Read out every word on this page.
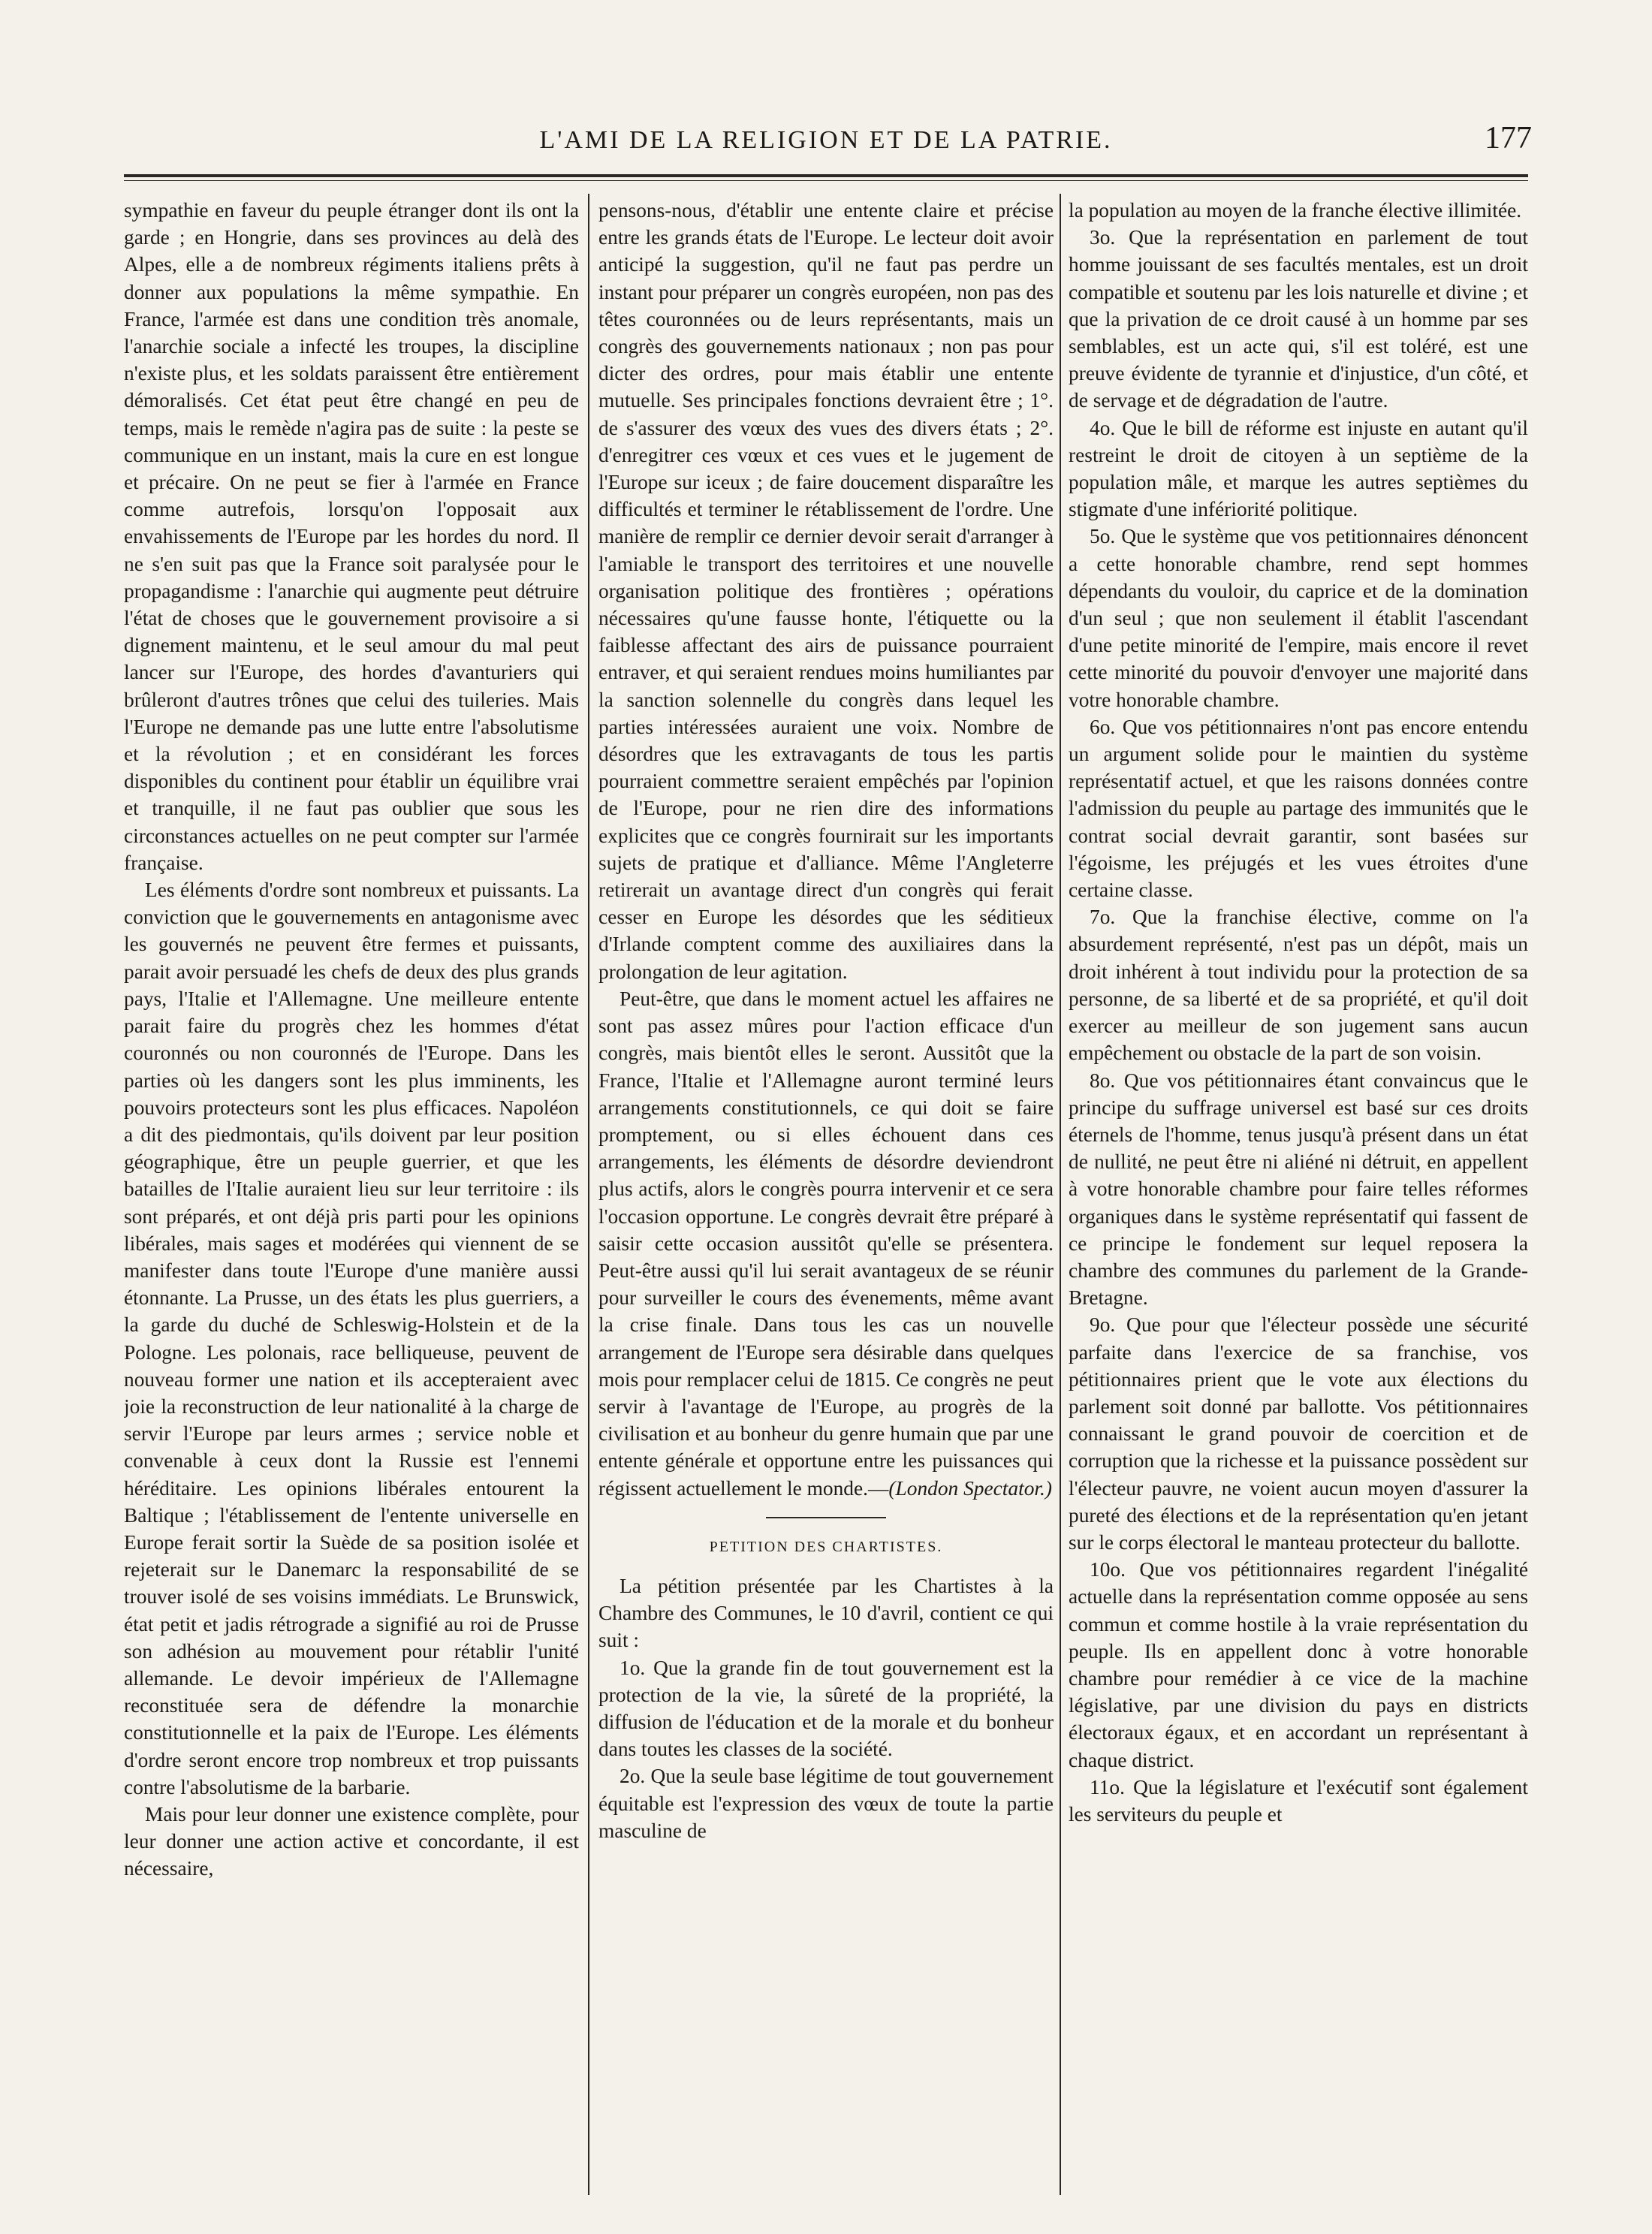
L'AMI DE LA RELIGION ET DE LA PATRIE.	177

sympathie en faveur du peuple étranger dont ils ont la garde ; en Hongrie, dans ses provinces au delà des Alpes, elle a de nombreux régiments italiens prêts à donner aux populations la même sympathie. En France, l'armée est dans une condition très anomale, l'anarchie sociale a infecté les troupes, la discipline n'existe plus, et les soldats paraissent être entièrement démoralisés. Cet état peut être changé en peu de temps, mais le remède n'agira pas de suite : la peste se communique en un instant, mais la cure en est longue et précaire. On ne peut se fier à l'armée en France comme autrefois, lorsqu'on l'opposait aux envahissements de l'Europe par les hordes du nord. Il ne s'en suit pas que la France soit paralysée pour le propagandisme : l'anarchie qui augmente peut détruire l'état de choses que le gouvernement provisoire a si dignement maintenu, et le seul amour du mal peut lancer sur l'Europe, des hordes d'avanturiers qui brûleront d'autres trônes que celui des tuileries. Mais l'Europe ne demande pas une lutte entre l'absolutisme et la révolution ; et en considérant les forces disponibles du continent pour établir un équilibre vrai et tranquille, il ne faut pas oublier que sous les circonstances actuelles on ne peut compter sur l'armée française.

Les éléments d'ordre sont nombreux et puissants. La conviction que le gouvernements en antagonisme avec les gouvernés ne peuvent être fermes et puissants, parait avoir persuadé les chefs de deux des plus grands pays, l'Italie et l'Allemagne. Une meilleure entente parait faire du progrès chez les hommes d'état couronnés ou non couronnés de l'Europe. Dans les parties où les dangers sont les plus imminents, les pouvoirs protecteurs sont les plus efficaces. Napoléon a dit des piedmontais, qu'ils doivent par leur position géographique, être un peuple guerrier, et que les batailles de l'Italie auraient lieu sur leur territoire : ils sont préparés, et ont déjà pris parti pour les opinions libérales, mais sages et modérées qui viennent de se manifester dans toute l'Europe d'une manière aussi étonnante. La Prusse, un des états les plus guerriers, a la garde du duché de Schleswig-Holstein et de la Pologne. Les polonais, race belliqueuse, peuvent de nouveau former une nation et ils accepteraient avec joie la reconstruction de leur nationalité à la charge de servir l'Europe par leurs armes ; service noble et convenable à ceux dont la Russie est l'ennemi héréditaire. Les opinions libérales entourent la Baltique ; l'établissement de l'entente universelle en Europe ferait sortir la Suède de sa position isolée et rejeterait sur le Danemarc la responsabilité de se trouver isolé de ses voisins immédiats. Le Brunswick, état petit et jadis rétrograde a signifié au roi de Prusse son adhésion au mouvement pour rétablir l'unité allemande. Le devoir impérieux de l'Allemagne reconstituée sera de défendre la monarchie constitutionnelle et la paix de l'Europe. Les éléments d'ordre seront encore trop nombreux et trop puissants contre l'absolutisme de la barbarie.

Mais pour leur donner une existence complète, pour leur donner une action active et concordante, il est nécessaire,

pensons-nous, d'établir une entente claire et précise entre les grands états de l'Europe. Le lecteur doit avoir anticipé la suggestion, qu'il ne faut pas perdre un instant pour préparer un congrès européen, non pas des têtes couronnées ou de leurs représentants, mais un congrès des gouvernements nationaux ; non pas pour dicter des ordres, pour mais établir une entente mutuelle. Ses principales fonctions devraient être ; 1°. de s'assurer des vœux des vues des divers états ; 2°. d'enregitrer ces vœux et ces vues et le jugement de l'Europe sur iceux ; de faire doucement disparaître les difficultés et terminer le rétablissement de l'ordre. Une manière de remplir ce dernier devoir serait d'arranger à l'amiable le transport des territoires et une nouvelle organisation politique des frontières ; opérations nécessaires qu'une fausse honte, l'étiquette ou la faiblesse affectant des airs de puissance pourraient entraver, et qui seraient rendues moins humiliantes par la sanction solennelle du congrès dans lequel les parties intéressées auraient une voix. Nombre de désordres que les extravagants de tous les partis pourraient commettre seraient empêchés par l'opinion de l'Europe, pour ne rien dire des informations explicites que ce congrès fournirait sur les importants sujets de pratique et d'alliance. Même l'Angleterre retirerait un avantage direct d'un congrès qui ferait cesser en Europe les désordes que les séditieux d'Irlande comptent comme des auxiliaires dans la prolongation de leur agitation.

Peut-être, que dans le moment actuel les affaires ne sont pas assez mûres pour l'action efficace d'un congrès, mais bientôt elles le seront. Aussitôt que la France, l'Italie et l'Allemagne auront terminé leurs arrangements constitutionnels, ce qui doit se faire promptement, ou si elles échouent dans ces arrangements, les éléments de désordre deviendront plus actifs, alors le congrès pourra intervenir et ce sera l'occasion opportune. Le congrès devrait être préparé à saisir cette occasion aussitôt qu'elle se présentera. Peut-être aussi qu'il lui serait avantageux de se réunir pour surveiller le cours des évenements, même avant la crise finale. Dans tous les cas un nouvelle arrangement de l'Europe sera désirable dans quelques mois pour remplacer celui de 1815. Ce congrès ne peut servir à l'avantage de l'Europe, au progrès de la civilisation et au bonheur du genre humain que par une entente générale et opportune entre les puissances qui régissent actuellement le monde.—(London Spectator.)

PETITION DES CHARTISTES.

La pétition présentée par les Chartistes à la Chambre des Communes, le 10 d'avril, contient ce qui suit :

1o. Que la grande fin de tout gouvernement est la protection de la vie, la sûreté de la propriété, la diffusion de l'éducation et de la morale et du bonheur dans toutes les classes de la société.

2o. Que la seule base légitime de tout gouvernement équitable est l'expression des vœux de toute la partie masculine de

la population au moyen de la franche élective illimitée.

3o. Que la représentation en parlement de tout homme jouissant de ses facultés mentales, est un droit compatible et soutenu par les lois naturelle et divine ; et que la privation de ce droit causé à un homme par ses semblables, est un acte qui, s'il est toléré, est une preuve évidente de tyrannie et d'injustice, d'un côté, et de servage et de dégradation de l'autre.

4o. Que le bill de réforme est injuste en autant qu'il restreint le droit de citoyen à un septième de la population mâle, et marque les autres septièmes du stigmate d'une infériorité politique.

5o. Que le système que vos petitionnaires dénoncent a cette honorable chambre, rend sept hommes dépendants du vouloir, du caprice et de la domination d'un seul ; que non seulement il établit l'ascendant d'une petite minorité de l'empire, mais encore il revet cette minorité du pouvoir d'envoyer une majorité dans votre honorable chambre.

6o. Que vos pétitionnaires n'ont pas encore entendu un argument solide pour le maintien du système représentatif actuel, et que les raisons données contre l'admission du peuple au partage des immunités que le contrat social devrait garantir, sont basées sur l'égoisme, les préjugés et les vues étroites d'une certaine classe.

7o. Que la franchise élective, comme on l'a absurdement représenté, n'est pas un dépôt, mais un droit inhérent à tout individu pour la protection de sa personne, de sa liberté et de sa propriété, et qu'il doit exercer au meilleur de son jugement sans aucun empêchement ou obstacle de la part de son voisin.

8o. Que vos pétitionnaires étant convaincus que le principe du suffrage universel est basé sur ces droits éternels de l'homme, tenus jusqu'à présent dans un état de nullité, ne peut être ni aliéné ni détruit, en appellent à votre honorable chambre pour faire telles réformes organiques dans le système représentatif qui fassent de ce principe le fondement sur lequel reposera la chambre des communes du parlement de la Grande-Bretagne.

9o. Que pour que l'électeur possède une sécurité parfaite dans l'exercice de sa franchise, vos pétitionnaires prient que le vote aux élections du parlement soit donné par ballotte. Vos pétitionnaires connaissant le grand pouvoir de coercition et de corruption que la richesse et la puissance possèdent sur l'électeur pauvre, ne voient aucun moyen d'assurer la pureté des élections et de la représentation qu'en jetant sur le corps électoral le manteau protecteur du ballotte.

10o. Que vos pétitionnaires regardent l'inégalité actuelle dans la représentation comme opposée au sens commun et comme hostile à la vraie représentation du peuple. Ils en appellent donc à votre honorable chambre pour remédier à ce vice de la machine législative, par une division du pays en districts électoraux égaux, et en accordant un représentant à chaque district.

11o. Que la législature et l'exécutif sont également les serviteurs du peuple et
